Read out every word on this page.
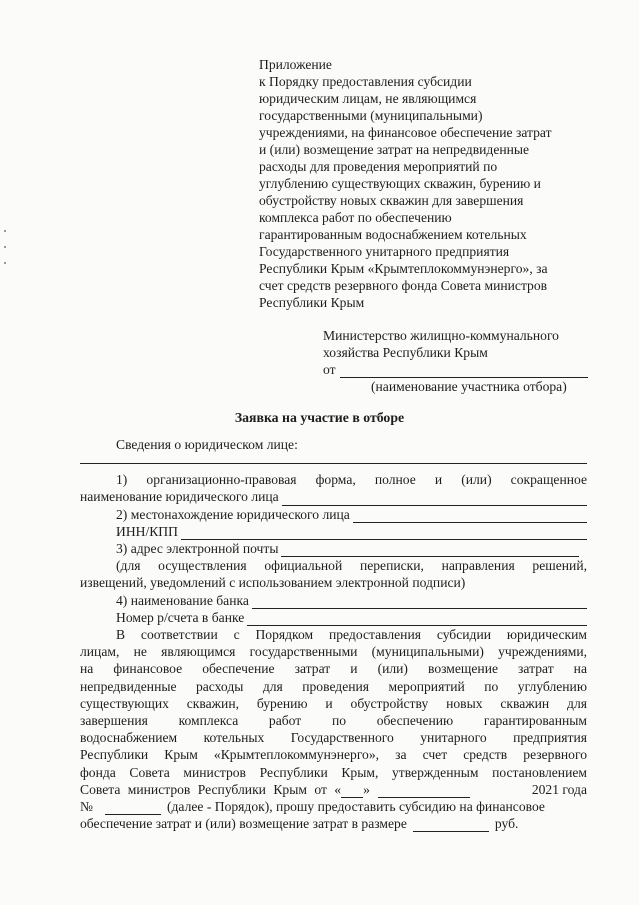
Приложение
к Порядку предоставления субсидии
юридическим лицам, не являющимся
государственными (муниципальными)
учреждениями, на финансовое обеспечение затрат
и (или) возмещение затрат на непредвиденные
расходы для проведения мероприятий по
углублению существующих скважин, бурению и
обустройству новых скважин для завершения
комплекса работ по обеспечению
гарантированным водоснабжением котельных
Государственного унитарного предприятия
Республики Крым «Крымтеплокоммунэнерго», за
счет средств резервного фонда Совета министров
Республики Крым
Министерство жилищно-коммунального
хозяйства Республики Крым
от
(наименование участника отбора)
Заявка на участие в отборе
Сведения о юридическом лице:
1) организационно-правовая форма, полное и (или) сокращенное
наименование юридического лица
2) местонахождение юридического лица
ИНН/КПП
3) адрес электронной почты
(для осуществления официальной переписки, направления решений,
извещений, уведомлений с использованием электронной подписи)
4) наименование банка
Номер р/счета в банке
В соответствии с Порядком предоставления субсидии юридическим
лицам, не являющимся государственными (муниципальными) учреждениями,
на финансовое обеспечение затрат и (или) возмещение затрат на
непредвиденные расходы для проведения мероприятий по углублению
существующих скважин, бурению и обустройству новых скважин для
завершения комплекса работ по обеспечению гарантированным
водоснабжением котельных Государственного унитарного предприятия
Республики Крым «Крымтеплокоммунэнерго», за счет средств резервного
фонда Совета министров Республики Крым, утвержденным постановлением
Совета министров Республики Крым от « »	2021 года
№	(далее - Порядок), прошу предоставить субсидию на финансовое
обеспечение затрат и (или) возмещение затрат в размере	руб.
